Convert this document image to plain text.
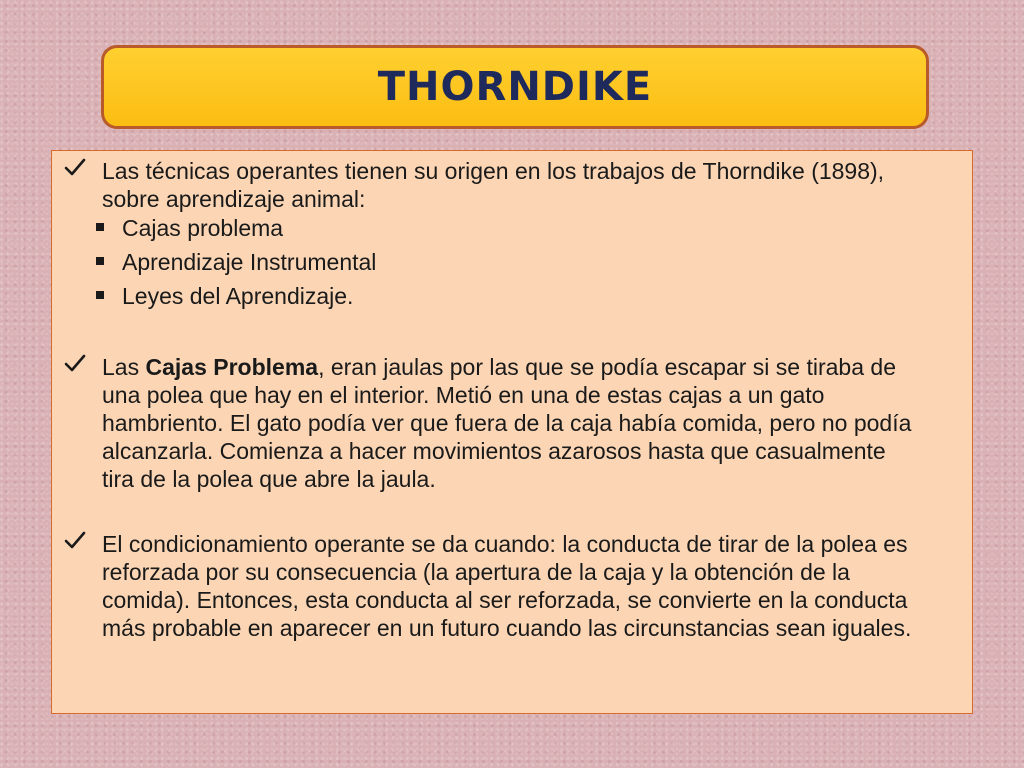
THORNDIKE
Las técnicas operantes tienen su origen en los trabajos de Thorndike (1898), sobre aprendizaje animal:
Cajas problema
Aprendizaje Instrumental
Leyes del Aprendizaje.
Las Cajas Problema, eran jaulas por las que se podía escapar si se tiraba de una polea que hay en el interior. Metió en una de estas cajas a un gato hambriento. El gato podía ver que fuera de la caja había comida, pero no podía alcanzarla. Comienza a hacer movimientos azarosos hasta que casualmente tira de la polea que abre la jaula.
El condicionamiento operante se da cuando: la conducta de tirar de la polea es reforzada por su consecuencia (la apertura de la caja y la obtención de la comida). Entonces, esta conducta al ser reforzada, se convierte en la conducta más probable en aparecer en un futuro cuando las circunstancias sean iguales.
